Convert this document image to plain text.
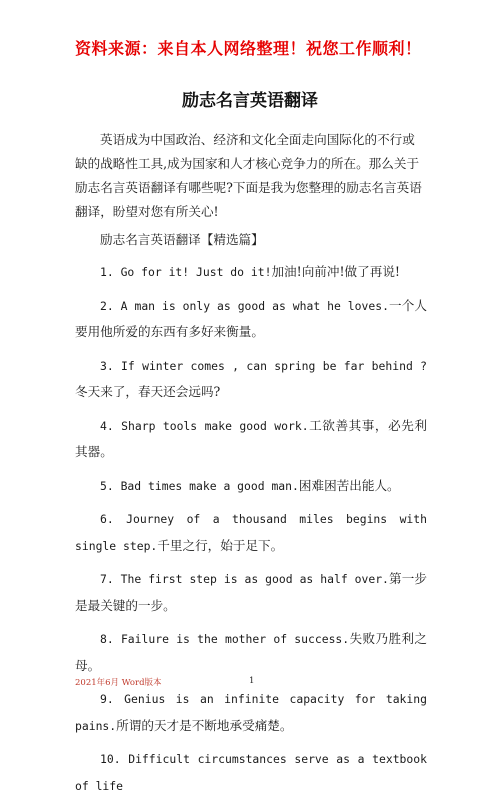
资料来源：来自本人网络整理！祝您工作顺利！
励志名言英语翻译

英语成为中国政治、经济和文化全面走向国际化的不行或缺的战略性工具,成为国家和人才核心竞争力的所在。那么关于励志名言英语翻译有哪些呢?下面是我为您整理的励志名言英语翻译，盼望对您有所关心!

励志名言英语翻译【精选篇】

1. Go for it! Just do it!加油!向前冲!做了再说!

2. A man is only as good as what he loves.一个人要用他所爱的东西有多好来衡量。

3. If winter comes , can spring be far behind ?冬天来了，春天还会远吗?

4. Sharp tools make good work.工欲善其事，必先利其器。

5. Bad times make a good man.困难困苦出能人。

6. Journey of a thousand miles begins with single step.千里之行，始于足下。

7. The first step is as good as half over.第一步是最关键的一步。

8. Failure is the mother of success.失败乃胜利之母。

9. Genius is an infinite capacity for taking pains.所谓的天才是不断地承受痛楚。

10. Difficult circumstances serve as a textbook of life

2021年6月 Word版本	1
